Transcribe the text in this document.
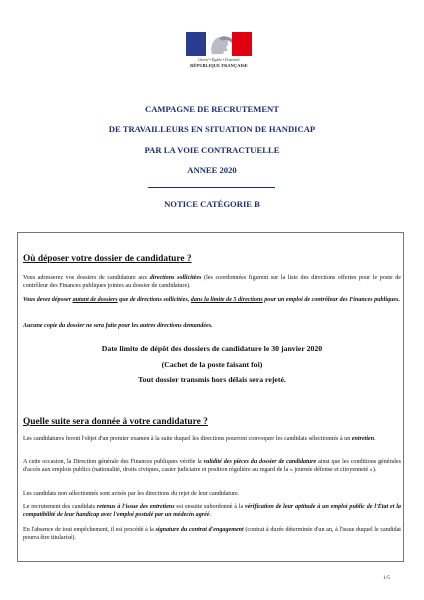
Liberté • Égalité • Fraternité
RÉPUBLIQUE FRANÇAISE
CAMPAGNE DE RECRUTEMENT
DE TRAVAILLEURS EN SITUATION DE HANDICAP
PAR LA VOIE CONTRACTUELLE
ANNEE 2020
NOTICE CATÉGORIE B
Où déposer votre dossier de candidature ?
Vous adresserez vos dossiers de candidature aux directions sollicitées (les coordonnées figurent sur la liste des directions offertes pour le poste de contrôleur des Finances publiques jointes au dossier de candidature).
Vous devez déposer autant de dossiers que de directions sollicitées, dans la limite de 5 directions pour un emploi de contrôleur des Finances publiques.
Aucune copie du dossier ne sera faite pour les autres directions demandées.
Date limite de dépôt des dossiers de candidature le 30 janvier 2020
(Cachet de la poste faisant foi)
Tout dossier transmis hors délais sera rejeté.
Quelle suite sera donnée à votre candidature ?
Les candidatures feront l'objet d'un premier examen à la suite duquel les directions pourront convoquer les candidats sélectionnés à un entretien.
A cette occasion, la Direction générale des Finances publiques vérifie la validité des pièces du dossier de candidature ainsi que les conditions générales d'accès aux emplois publics (nationalité, droits civiques, casier judiciaire et position régulière au regard de la « journée défense et citoyenneté »).
Les candidats non sélectionnés sont avisés par les directions du rejet de leur candidature.
Le recrutement des candidats retenus à l'issue des entretiens est ensuite subordonné à la vérification de leur aptitude à un emploi public de l'État et la compatibilité de leur handicap avec l'emploi postulé par un médecin agréé.
En l'absence de tout empêchement, il est procédé à la signature du contrat d'engagement (contrat à durée déterminée d'un an, à l'issue duquel le candidat pourra être titularisé).
1/5
